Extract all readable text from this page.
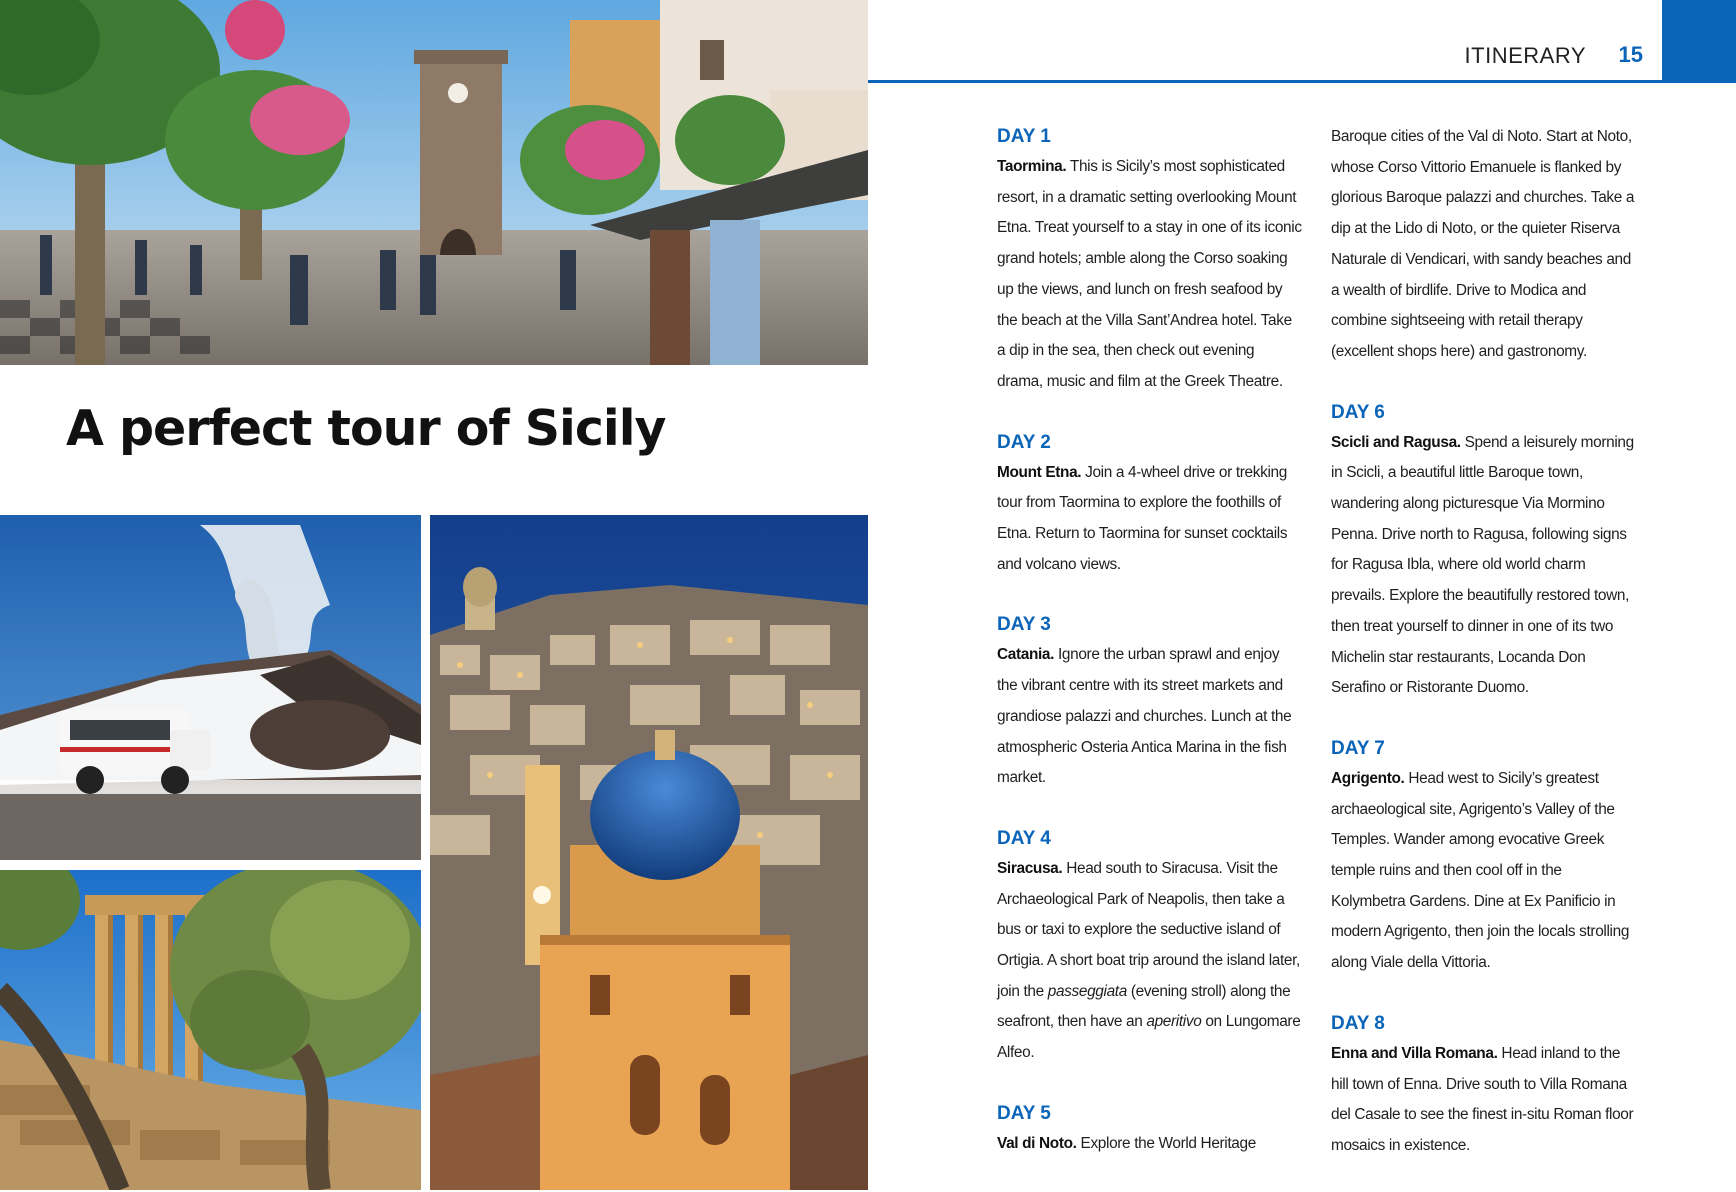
A perfect tour of Sicily
ITINERARY 15
DAY 1

Taormina. This is Sicily’s most sophisticated resort, in a dramatic setting overlooking Mount Etna. Treat yourself to a stay in one of its iconic grand hotels; amble along the Corso soaking up the views, and lunch on fresh seafood by the beach at the Villa Sant’Andrea hotel. Take a dip in the sea, then check out evening drama, music and film at the Greek Theatre.

DAY 2

Mount Etna. Join a 4-wheel drive or trekking tour from Taormina to explore the foothills of Etna. Return to Taormina for sunset cocktails and volcano views.

DAY 3

Catania. Ignore the urban sprawl and enjoy the vibrant centre with its street markets and grandiose palazzi and churches. Lunch at the atmospheric Osteria Antica Marina in the fish market.

DAY 4

Siracusa. Head south to Siracusa. Visit the Archaeological Park of Neapolis, then take a bus or taxi to explore the seductive island of Ortigia. A short boat trip around the island later, join the passeggiata (evening stroll) along the seafront, then have an aperitivo on Lungomare Alfeo.

DAY 5

Val di Noto. Explore the World Heritage

Baroque cities of the Val di Noto. Start at Noto, whose Corso Vittorio Emanuele is flanked by glorious Baroque palazzi and churches. Take a dip at the Lido di Noto, or the quieter Riserva Naturale di Vendicari, with sandy beaches and a wealth of birdlife. Drive to Modica and combine sightseeing with retail therapy (excellent shops here) and gastronomy.

DAY 6

Scicli and Ragusa. Spend a leisurely morning in Scicli, a beautiful little Baroque town, wandering along picturesque Via Mormino Penna. Drive north to Ragusa, following signs for Ragusa Ibla, where old world charm prevails. Explore the beautifully restored town, then treat yourself to dinner in one of its two Michelin star restaurants, Locanda Don Serafino or Ristorante Duomo.

DAY 7

Agrigento. Head west to Sicily’s greatest archaeological site, Agrigento’s Valley of the Temples. Wander among evocative Greek temple ruins and then cool off in the Kolymbetra Gardens. Dine at Ex Panificio in modern Agrigento, then join the locals strolling along Viale della Vittoria.

DAY 8

Enna and Villa Romana. Head inland to the hill town of Enna. Drive south to Villa Romana del Casale to see the finest in-situ Roman floor mosaics in existence.
